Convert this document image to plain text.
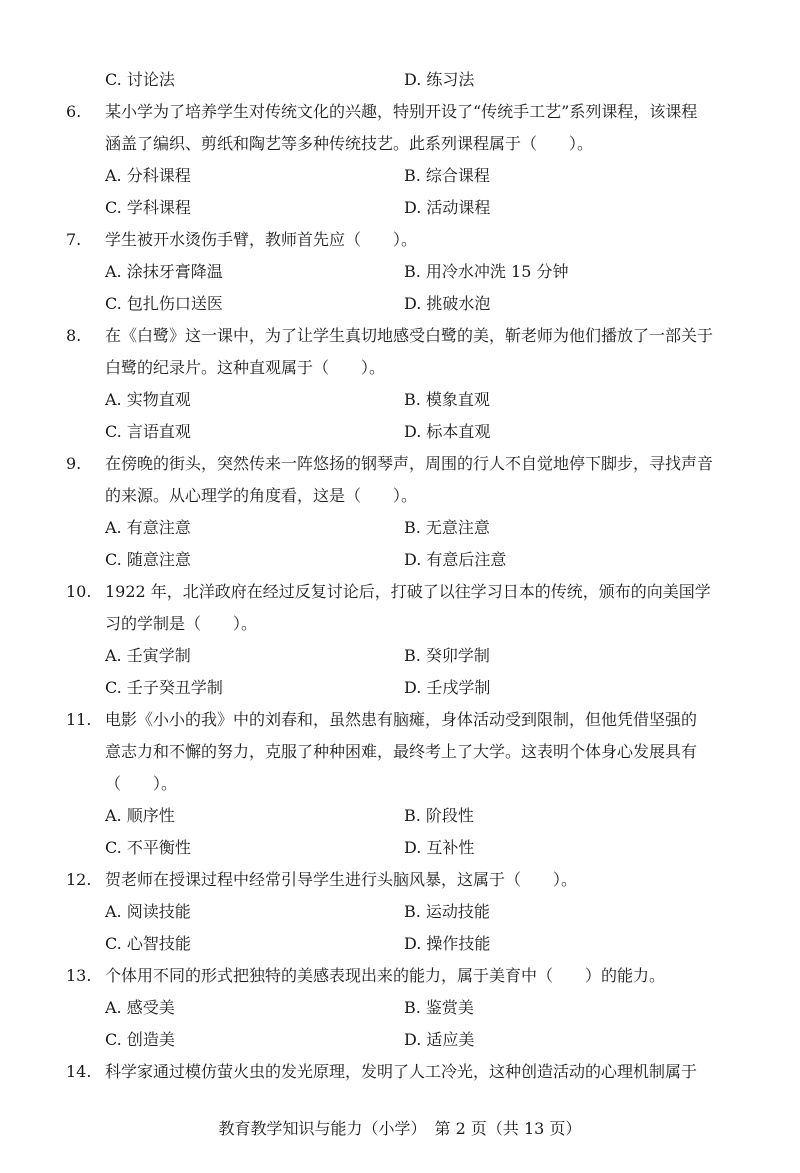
C. 讨论法	D. 练习法
6. 某小学为了培养学生对传统文化的兴趣，特别开设了“传统手工艺”系列课程，该课程
涵盖了编织、剪纸和陶艺等多种传统技艺。此系列课程属于（　　）。
A. 分科课程	B. 综合课程
C. 学科课程	D. 活动课程
7. 学生被开水烫伤手臂，教师首先应（　　）。
A. 涂抹牙膏降温	B. 用冷水冲洗 15 分钟
C. 包扎伤口送医	D. 挑破水泡
8. 在《白鹭》这一课中，为了让学生真切地感受白鹭的美，靳老师为他们播放了一部关于
白鹭的纪录片。这种直观属于（　　）。
A. 实物直观	B. 模象直观
C. 言语直观	D. 标本直观
9. 在傍晚的街头，突然传来一阵悠扬的钢琴声，周围的行人不自觉地停下脚步，寻找声音
的来源。从心理学的角度看，这是（　　）。
A. 有意注意	B. 无意注意
C. 随意注意	D. 有意后注意
10. 1922 年，北洋政府在经过反复讨论后，打破了以往学习日本的传统，颁布的向美国学
习的学制是（　　）。
A. 壬寅学制	B. 癸卯学制
C. 壬子癸丑学制	D. 壬戌学制
11. 电影《小小的我》中的刘春和，虽然患有脑瘫，身体活动受到限制，但他凭借坚强的
意志力和不懈的努力，克服了种种困难，最终考上了大学。这表明个体身心发展具有
（　　）。
A. 顺序性	B. 阶段性
C. 不平衡性	D. 互补性
12. 贺老师在授课过程中经常引导学生进行头脑风暴，这属于（　　）。
A. 阅读技能	B. 运动技能
C. 心智技能	D. 操作技能
13. 个体用不同的形式把独特的美感表现出来的能力，属于美育中（　　）的能力。
A. 感受美	B. 鉴赏美
C. 创造美	D. 适应美
14. 科学家通过模仿萤火虫的发光原理，发明了人工冷光，这种创造活动的心理机制属于
教育教学知识与能力（小学）　第 2 页（共 13 页）
